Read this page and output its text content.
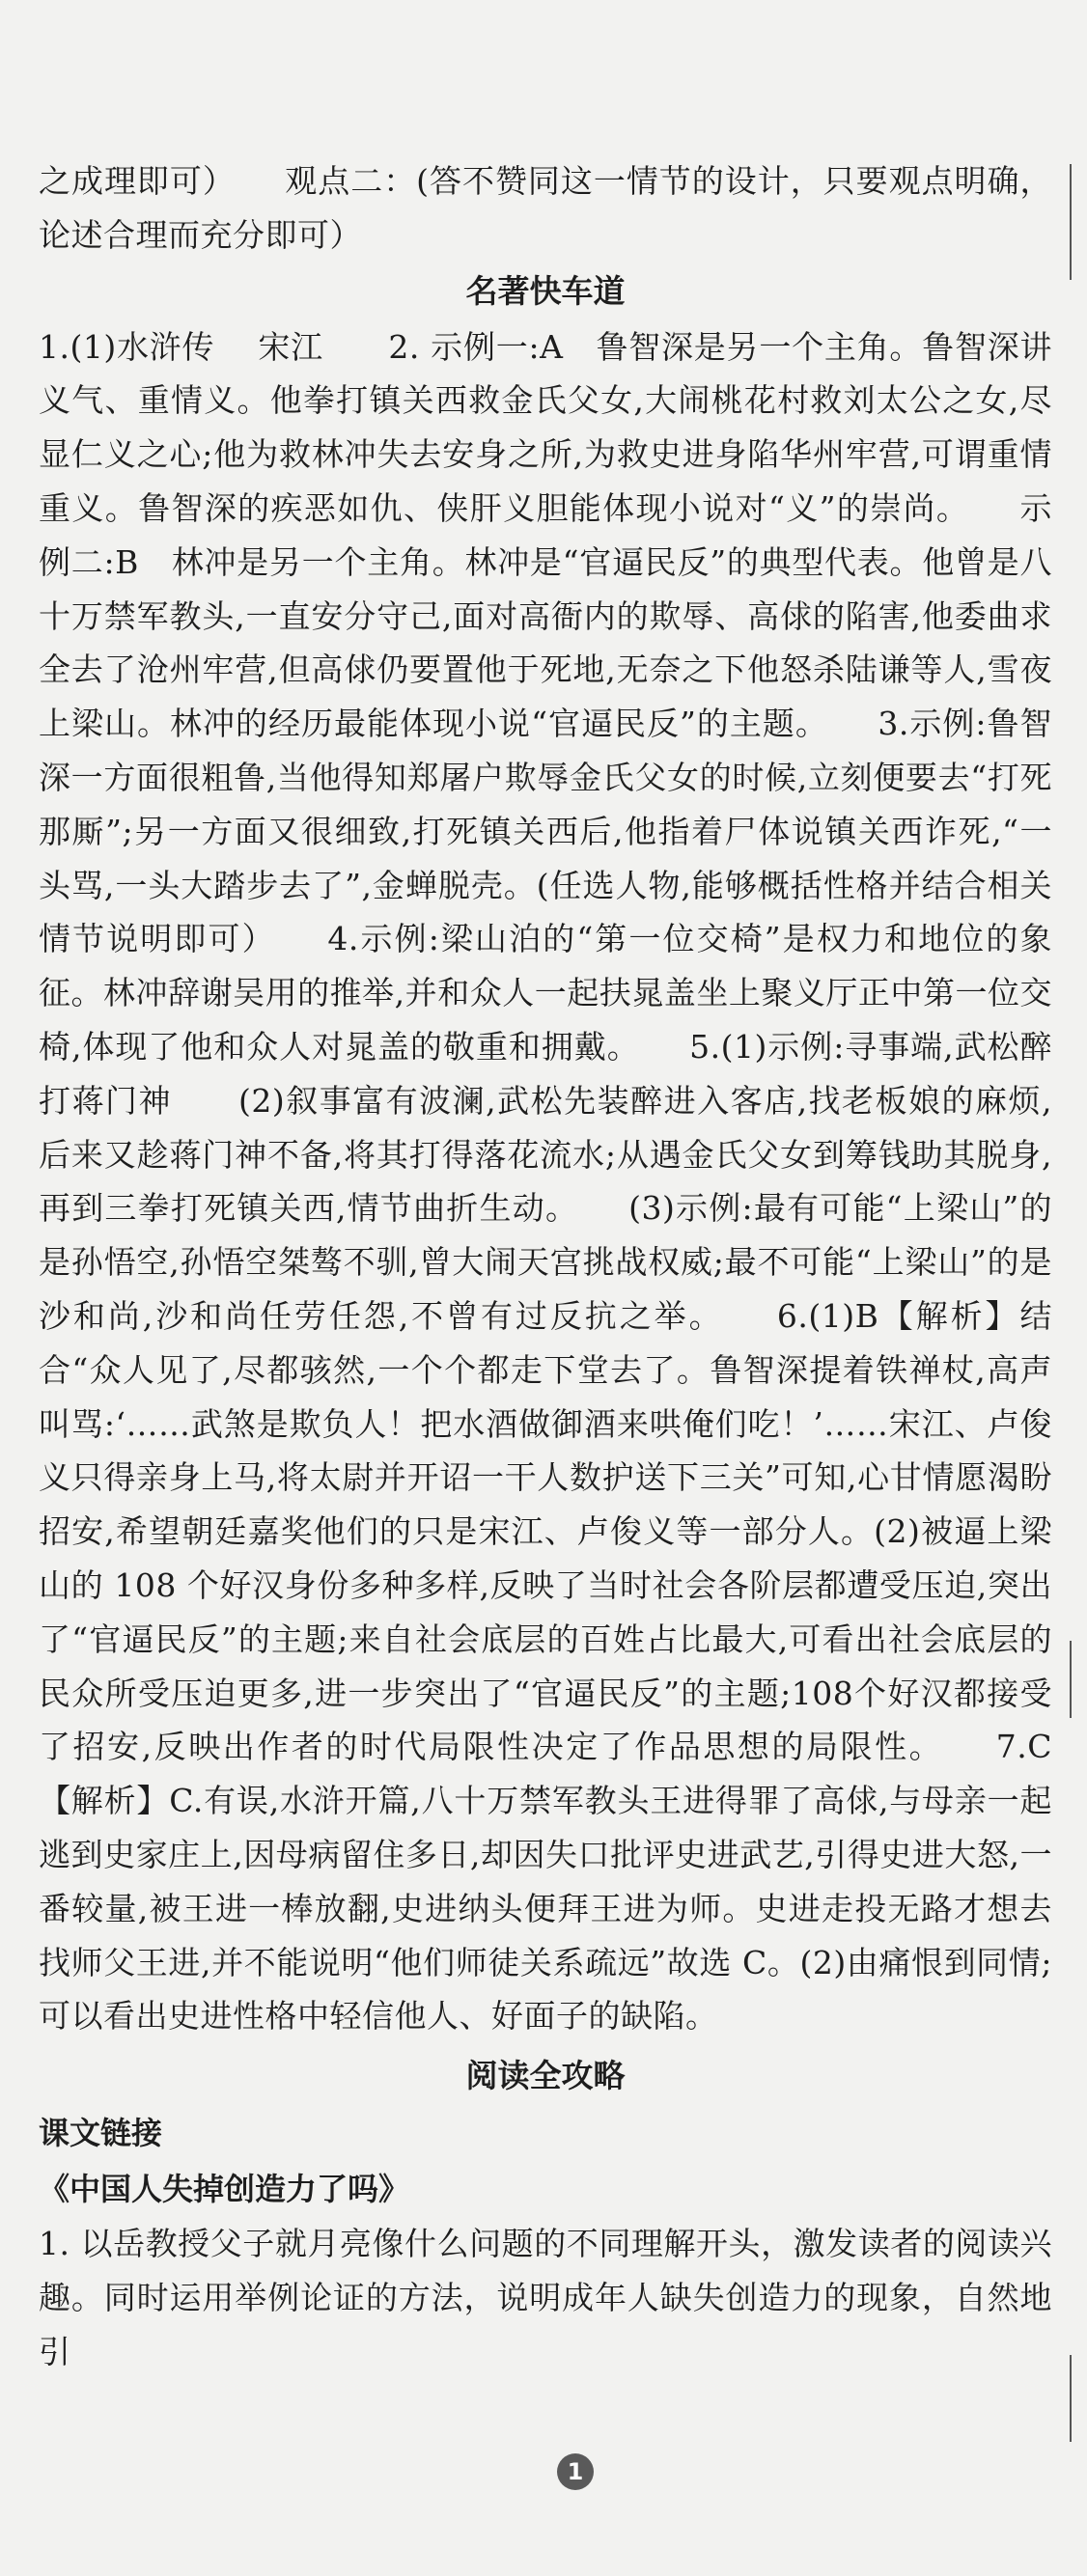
之成理即可）　　观点二：(答不赞同这一情节的设计，只要观点明确，论述合理而充分即可）

名著快车道

1.(1)水浒传　 宋江　　2. 示例一:A　鲁智深是另一个主角。鲁智深讲义气、重情义。他拳打镇关西救金氏父女,大闹桃花村救刘太公之女,尽显仁义之心;他为救林冲失去安身之所,为救史进身陷华州牢营,可谓重情重义。鲁智深的疾恶如仇、侠肝义胆能体现小说对“义”的崇尚。　　示例二:B　林冲是另一个主角。林冲是“官逼民反”的典型代表。他曾是八十万禁军教头,一直安分守己,面对高衙内的欺辱、高俅的陷害,他委曲求全去了沧州牢营,但高俅仍要置他于死地,无奈之下他怒杀陆谦等人,雪夜上梁山。林冲的经历最能体现小说“官逼民反”的主题。　　3.示例:鲁智深一方面很粗鲁,当他得知郑屠户欺辱金氏父女的时候,立刻便要去“打死那厮”;另一方面又很细致,打死镇关西后,他指着尸体说镇关西诈死,“一头骂,一头大踏步去了”,金蝉脱壳。(任选人物,能够概括性格并结合相关情节说明即可）　　4.示例:梁山泊的“第一位交椅”是权力和地位的象征。林冲辞谢吴用的推举,并和众人一起扶晁盖坐上聚义厅正中第一位交椅,体现了他和众人对晁盖的敬重和拥戴。　　5.(1)示例:寻事端,武松醉打蒋门神　　(2)叙事富有波澜,武松先装醉进入客店,找老板娘的麻烦,后来又趁蒋门神不备,将其打得落花流水;从遇金氏父女到筹钱助其脱身,再到三拳打死镇关西,情节曲折生动。　　(3)示例:最有可能“上梁山”的是孙悟空,孙悟空桀骜不驯,曾大闹天宫挑战权威;最不可能“上梁山”的是沙和尚,沙和尚任劳任怨,不曾有过反抗之举。　　6.(1)B【解析】结合“众人见了,尽都骇然,一个个都走下堂去了。鲁智深提着铁禅杖,高声叫骂:‘……武煞是欺负人！把水酒做御酒来哄俺们吃！’……宋江、卢俊义只得亲身上马,将太尉并开诏一干人数护送下三关”可知,心甘情愿渴盼招安,希望朝廷嘉奖他们的只是宋江、卢俊义等一部分人。(2)被逼上梁山的 108 个好汉身份多种多样,反映了当时社会各阶层都遭受压迫,突出了“官逼民反”的主题;来自社会底层的百姓占比最大,可看出社会底层的民众所受压迫更多,进一步突出了“官逼民反”的主题;108个好汉都接受了招安,反映出作者的时代局限性决定了作品思想的局限性。　　7.C【解析】C.有误,水浒开篇,八十万禁军教头王进得罪了高俅,与母亲一起逃到史家庄上,因母病留住多日,却因失口批评史进武艺,引得史进大怒,一番较量,被王进一棒放翻,史进纳头便拜王进为师。史进走投无路才想去找师父王进,并不能说明“他们师徒关系疏远”故选 C。(2)由痛恨到同情;可以看出史进性格中轻信他人、好面子的缺陷。

阅读全攻略

课文链接

《中国人失掉创造力了吗》

1. 以岳教授父子就月亮像什么问题的不同理解开头，激发读者的阅读兴趣。同时运用举例论证的方法，说明成年人缺失创造力的现象，自然地引

1
